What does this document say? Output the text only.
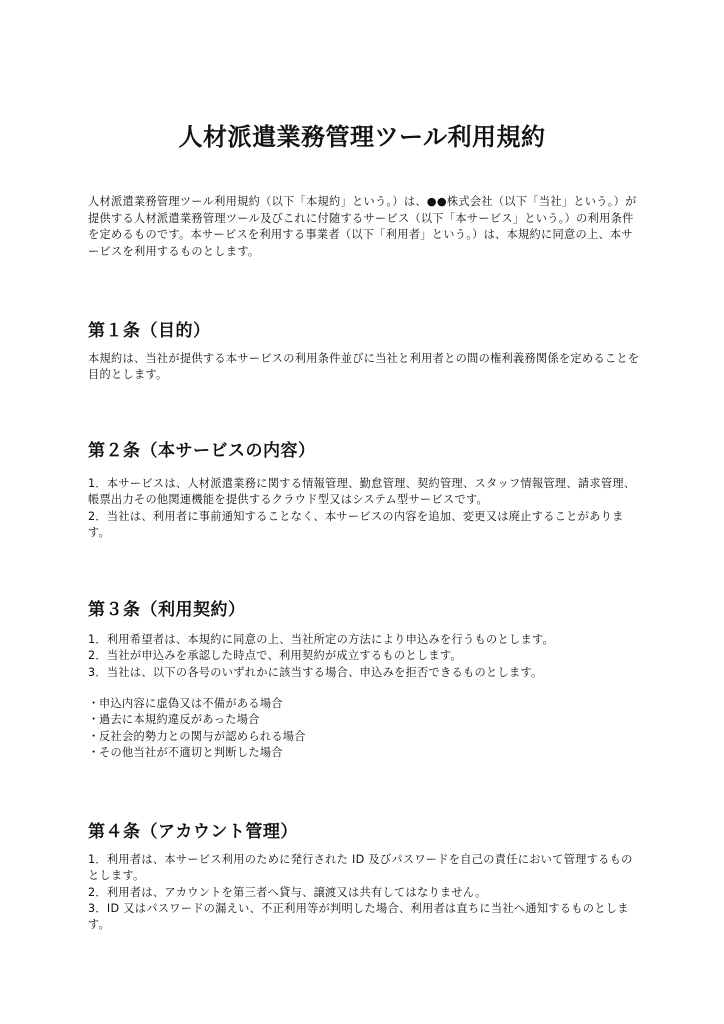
人材派遣業務管理ツール利用規約

人材派遣業務管理ツール利用規約（以下「本規約」という。）は、●●株式会社（以下「当社」という。）が提供する人材派遣業務管理ツール及びこれに付随するサービス（以下「本サービス」という。）の利用条件を定めるものです。本サービスを利用する事業者（以下「利用者」という。）は、本規約に同意の上、本サービスを利用するものとします。

第１条（目的）

本規約は、当社が提供する本サービスの利用条件並びに当社と利用者との間の権利義務関係を定めることを目的とします。

第２条（本サービスの内容）

1．本サービスは、人材派遣業務に関する情報管理、勤怠管理、契約管理、スタッフ情報管理、請求管理、帳票出力その他関連機能を提供するクラウド型又はシステム型サービスです。

2．当社は、利用者に事前通知することなく、本サービスの内容を追加、変更又は廃止することがあります。

第３条（利用契約）

1．利用希望者は、本規約に同意の上、当社所定の方法により申込みを行うものとします。

2．当社が申込みを承認した時点で、利用契約が成立するものとします。

3．当社は、以下の各号のいずれかに該当する場合、申込みを拒否できるものとします。

・申込内容に虚偽又は不備がある場合
・過去に本規約違反があった場合
・反社会的勢力との関与が認められる場合
・その他当社が不適切と判断した場合
第４条（アカウント管理）

1．利用者は、本サービス利用のために発行された ID 及びパスワードを自己の責任において管理するものとします。

2．利用者は、アカウントを第三者へ貸与、譲渡又は共有してはなりません。

3．ID 又はパスワードの漏えい、不正利用等が判明した場合、利用者は直ちに当社へ通知するものとします。
